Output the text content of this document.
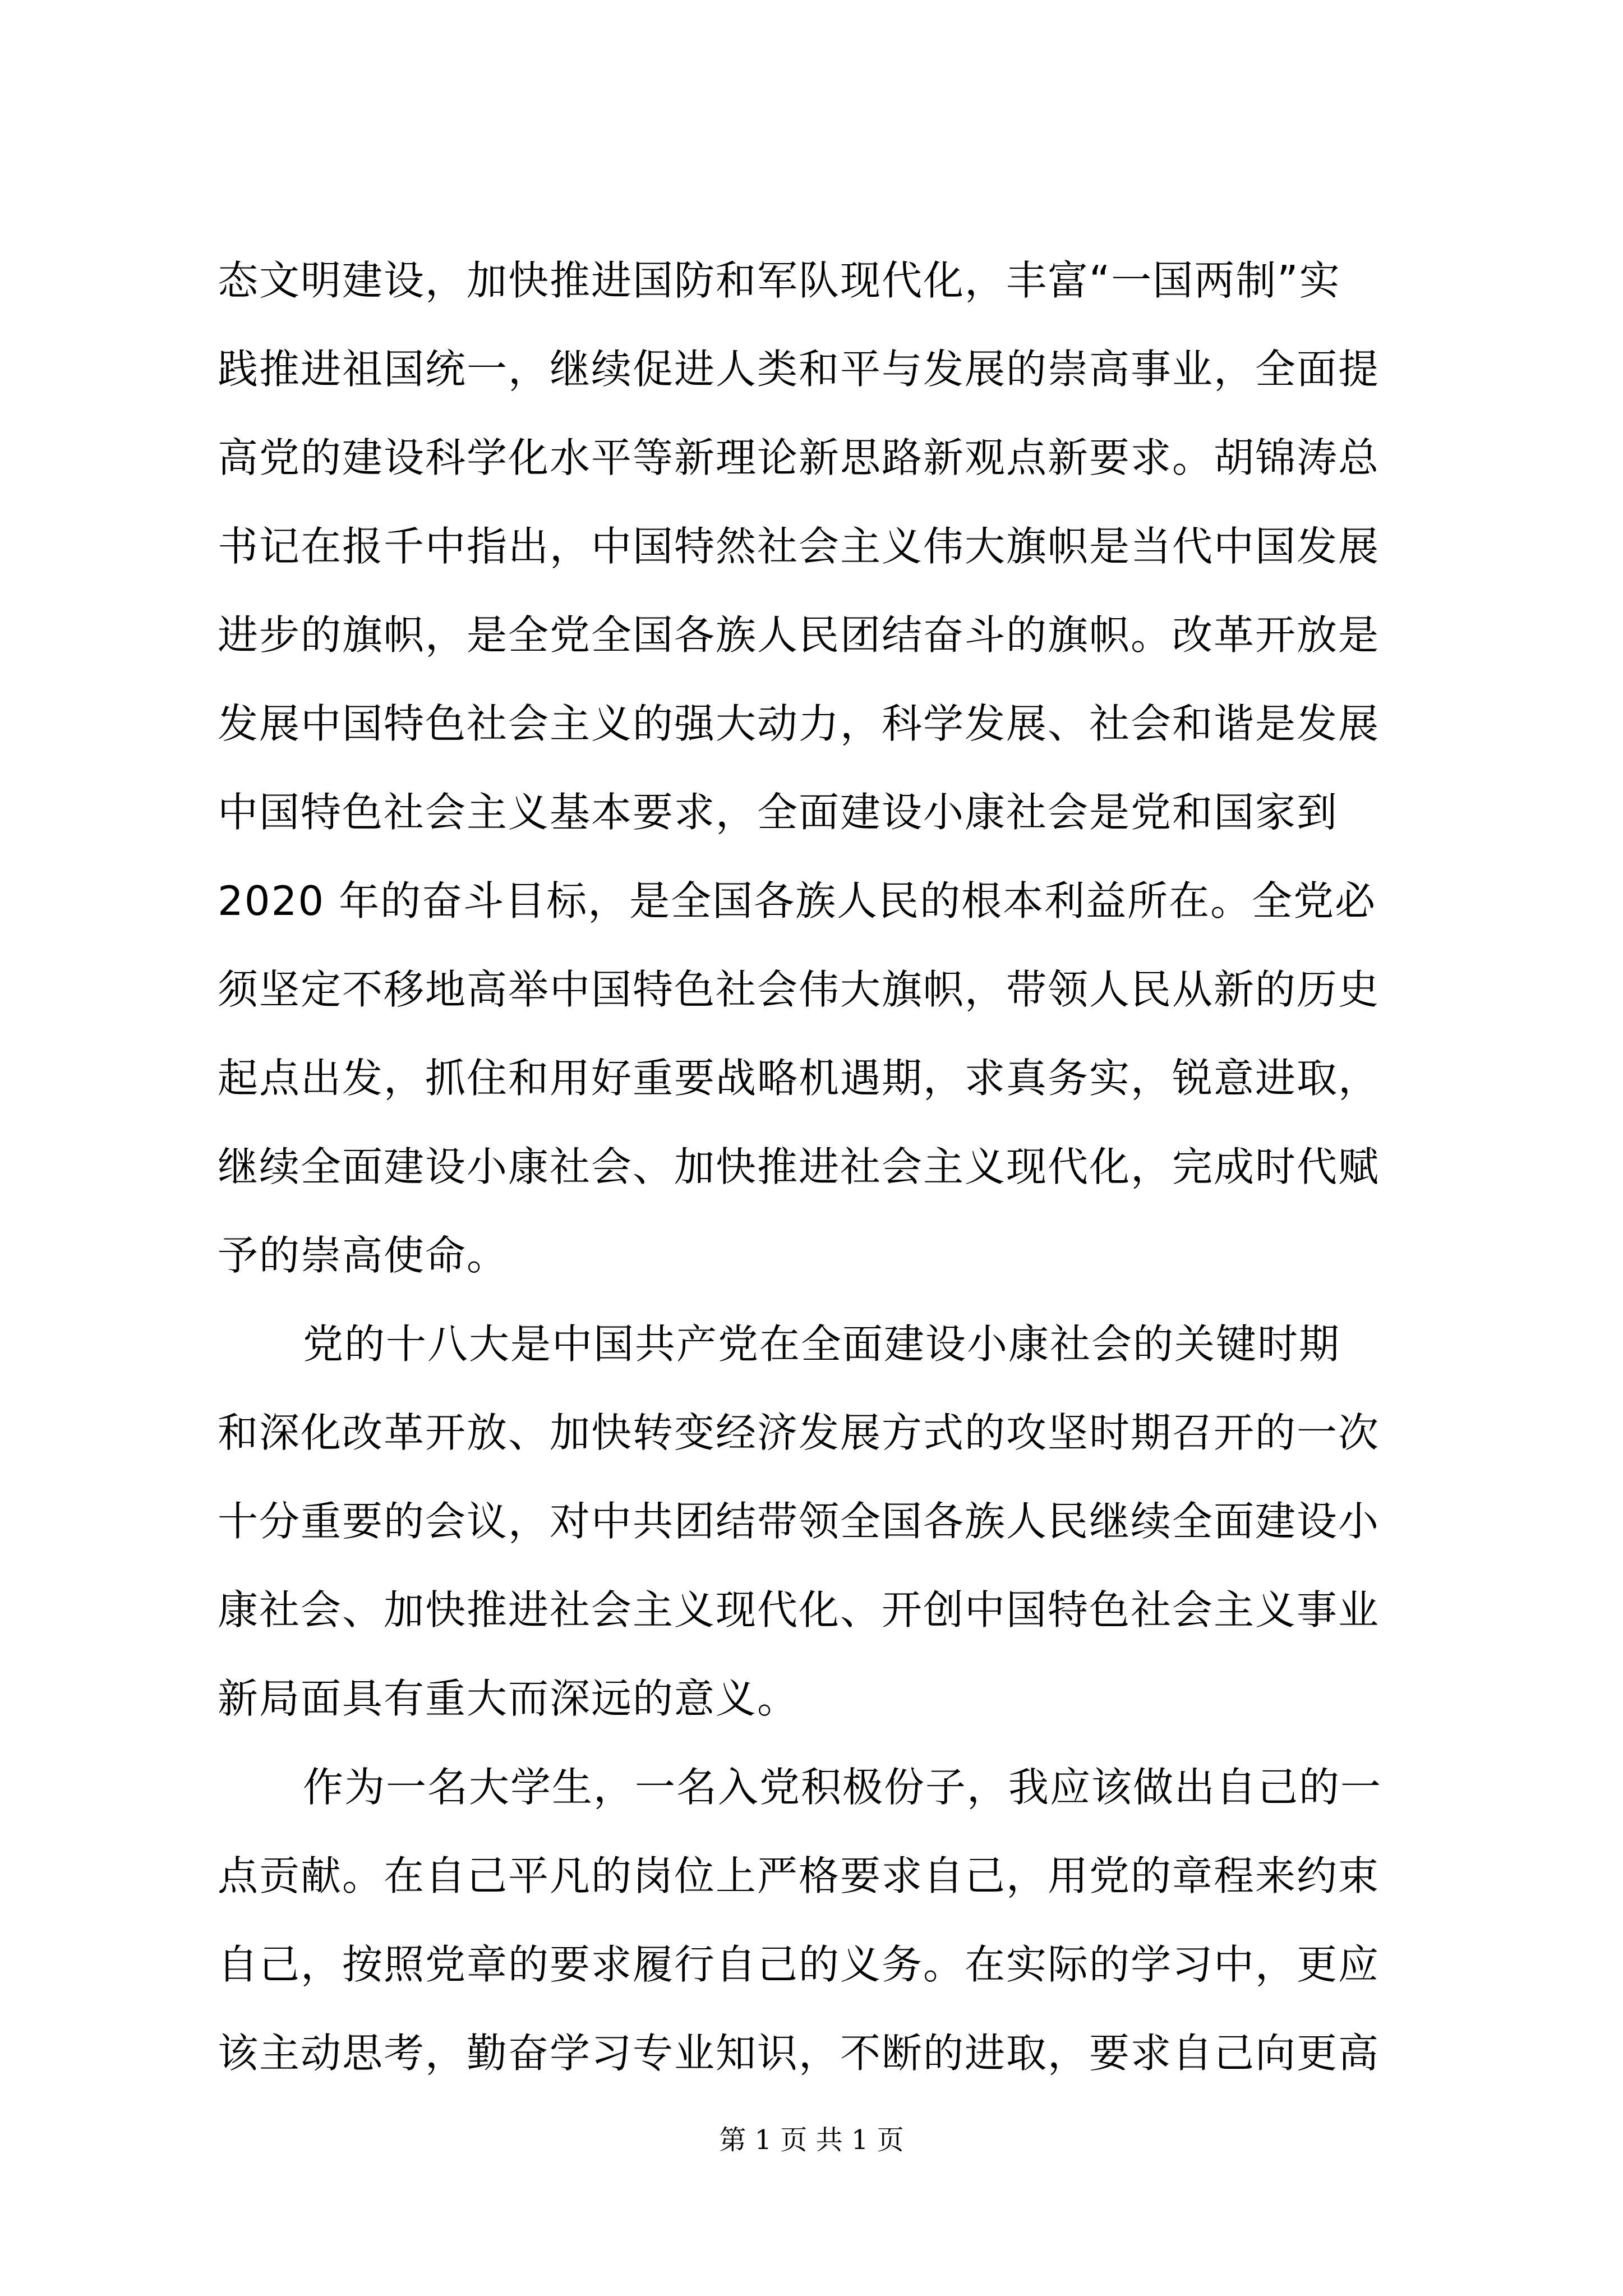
态文明建设，加快推进国防和军队现代化，丰富“一国两制”实
践推进祖国统一，继续促进人类和平与发展的崇高事业，全面提
高党的建设科学化水平等新理论新思路新观点新要求。胡锦涛总
书记在报千中指出，中国特然社会主义伟大旗帜是当代中国发展
进步的旗帜，是全党全国各族人民团结奋斗的旗帜。改革开放是
发展中国特色社会主义的强大动力，科学发展、社会和谐是发展
中国特色社会主义基本要求，全面建设小康社会是党和国家到
2020 年的奋斗目标，是全国各族人民的根本利益所在。全党必
须坚定不移地高举中国特色社会伟大旗帜，带领人民从新的历史
起点出发，抓住和用好重要战略机遇期，求真务实，锐意进取，
继续全面建设小康社会、加快推进社会主义现代化，完成时代赋
予的崇高使命。
党的十八大是中国共产党在全面建设小康社会的关键时期
和深化改革开放、加快转变经济发展方式的攻坚时期召开的一次
十分重要的会议，对中共团结带领全国各族人民继续全面建设小
康社会、加快推进社会主义现代化、开创中国特色社会主义事业
新局面具有重大而深远的意义。
作为一名大学生，一名入党积极份子，我应该做出自己的一
点贡献。在自己平凡的岗位上严格要求自己，用党的章程来约束
自己，按照党章的要求履行自己的义务。在实际的学习中，更应
该主动思考，勤奋学习专业知识，不断的进取，要求自己向更高
第 1 页 共 1 页
